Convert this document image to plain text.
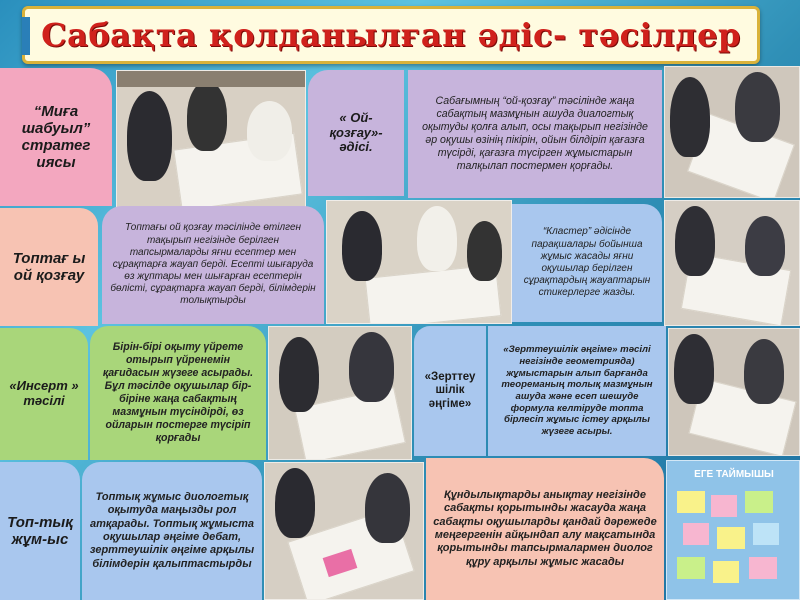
Сабақта қолданылған әдіс- тәсілдер
“Миға шабуыл” стратег иясы
« Ой-қозғау»- әдісі.
Сабағымның “ой-қозғау” тәсілінде жаңа сабақтың мазмұнын ашуда диалогтық оқытуды қолға алып, осы тақырып негізінде әр оқушы өзінің пікірін, ойын білдіріп қағазға түсірді, қағазға түсірген жұмыстарын талқылап постермен қорғады.
Топтағ ы ой қозғау
Топтағы ой қозғау тәсілінде өтілген тақырып негізінде берілген тапсырмаларды яғни есептер мен сұрақтарға жауап берді. Есепті шығаруда өз жұптары мен шығарған есептерін бөлісті, сұрақтарға жауап берді, білімдерін толықтырды
“Кластер” әдісінде парақшалары бойынша жұмыс жасады яғни оқушылар берілген сұрақтардың жауаптарын стикерлерге жазды.
«Инсерт » тәсілі
Бірін-бірі оқыту үйрете отырып үйренемін қағидасын жүзеге асырады. Бұл тәсілде оқушылар бір-біріне жаңа сабақтың мазмұнын түсіндірді, өз ойларын постерге түсіріп қорғады
«Зерттеу шілік әңгіме»
«Зерттеушілік әңгіме» тәсілі негізінде геометрияда) жұмыстарын алып барғанда теореманың толық мазмұнын ашуда және есеп шешуде формула келтіруде топта бірлесіп жұмыс істеу арқылы жүзеге асыры.
Топ-тық жұм-ыс
Топтық жұмыс диологтық оқытуда маңызды рол атқарады. Топтық жұмыста оқушылар әңгіме дебат, зерттеушілік әңгіме арқылы білімдерін қалыптастырды
Құндылықтарды анықтау негізінде сабақты қорытынды жасауда жаңа сабақты оқушыларды қандай дәрежеде меңгергенін айқындап алу мақсатында қорытынды тапсырмалармен диолог құру арқылы жұмыс жасады
ЕГЕ ТАЙМЫШЫ
